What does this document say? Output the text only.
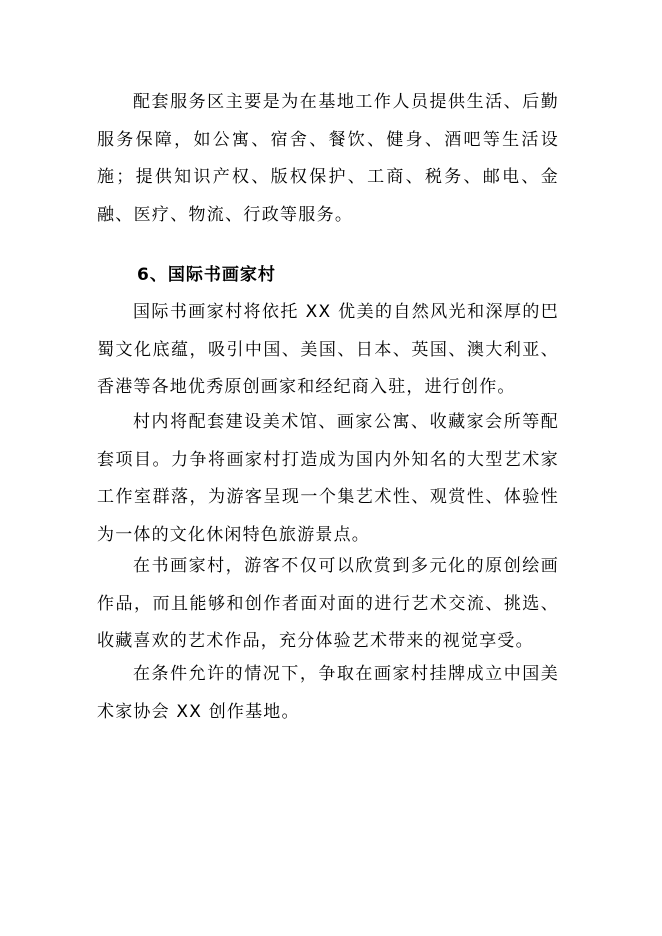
配套服务区主要是为在基地工作人员提供生活、后勤服务保障，如公寓、宿舍、餐饮、健身、酒吧等生活设施；提供知识产权、版权保护、工商、税务、邮电、金融、医疗、物流、行政等服务。

6、国际书画家村

国际书画家村将依托 XX 优美的自然风光和深厚的巴蜀文化底蕴，吸引中国、美国、日本、英国、澳大利亚、香港等各地优秀原创画家和经纪商入驻，进行创作。

村内将配套建设美术馆、画家公寓、收藏家会所等配套项目。力争将画家村打造成为国内外知名的大型艺术家工作室群落，为游客呈现一个集艺术性、观赏性、体验性为一体的文化休闲特色旅游景点。

在书画家村，游客不仅可以欣赏到多元化的原创绘画作品，而且能够和创作者面对面的进行艺术交流、挑选、收藏喜欢的艺术作品，充分体验艺术带来的视觉享受。

在条件允许的情况下，争取在画家村挂牌成立中国美术家协会 XX 创作基地。
